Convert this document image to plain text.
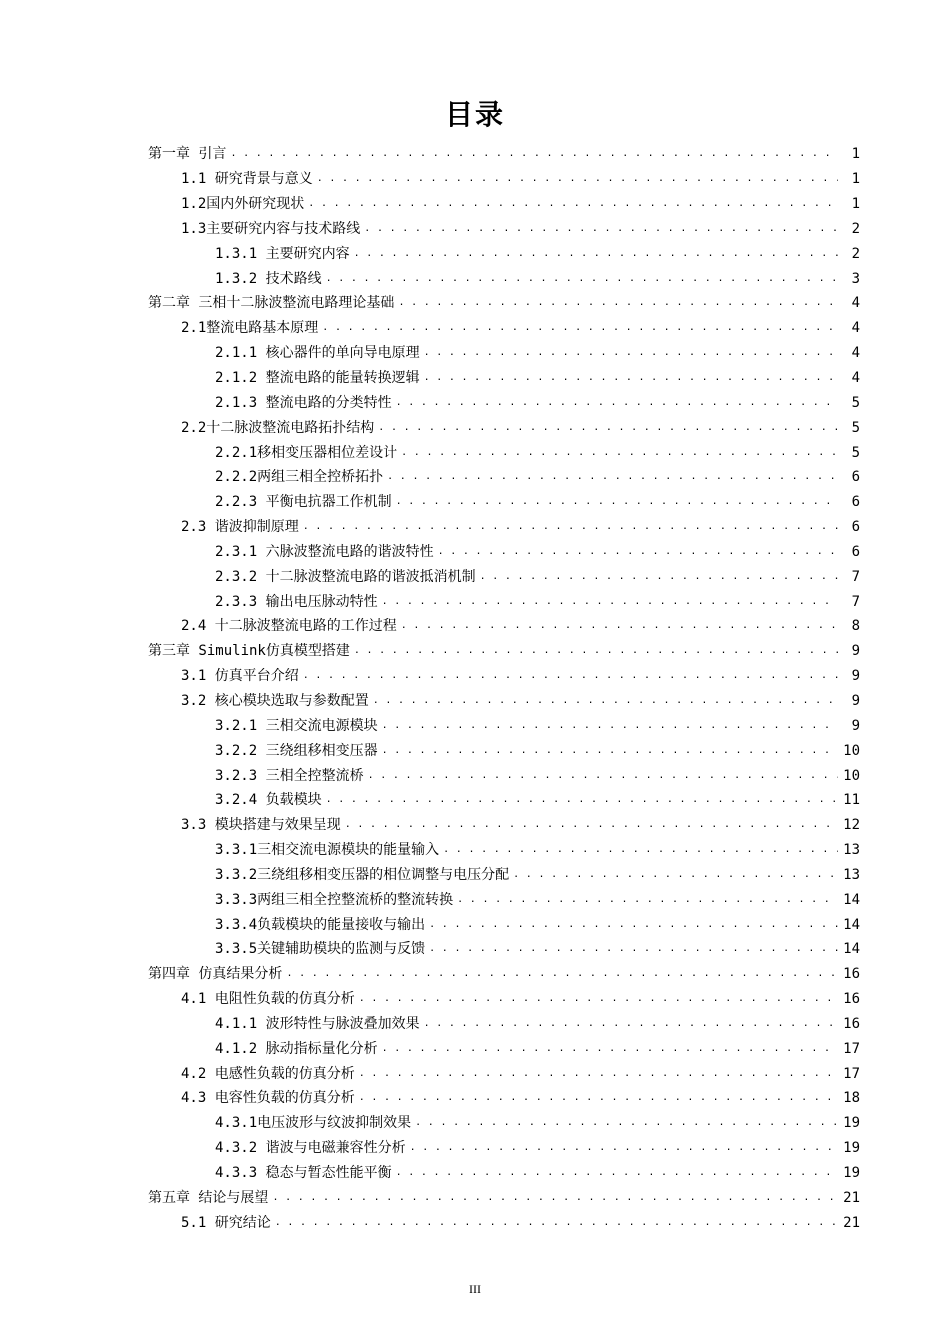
目录
第一章 引言 . . .	1
1.1 研究背景与意义 . . .	1
1.2国内外研究现状 . . .	1
1.3主要研究内容与技术路线 . . .	2
1.3.1 主要研究内容 . . .	2
1.3.2 技术路线 . . .	3
第二章 三相十二脉波整流电路理论基础 . . .	4
2.1整流电路基本原理 . . .	4
2.1.1 核心器件的单向导电原理 . . .	4
2.1.2 整流电路的能量转换逻辑 . . .	4
2.1.3 整流电路的分类特性 . . .	5
2.2十二脉波整流电路拓扑结构 . . .	5
2.2.1移相变压器相位差设计 . . .	5
2.2.2两组三相全控桥拓扑 . . .	6
2.2.3 平衡电抗器工作机制 . . .	6
2.3 谐波抑制原理 . . .	6
2.3.1 六脉波整流电路的谐波特性 . . .	6
2.3.2 十二脉波整流电路的谐波抵消机制 . . .	7
2.3.3 输出电压脉动特性 . . .	7
2.4 十二脉波整流电路的工作过程 . . .	8
第三章 Simulink仿真模型搭建 . . .	9
3.1 仿真平台介绍 . . .	9
3.2 核心模块选取与参数配置 . . .	9
3.2.1 三相交流电源模块 . . .	9
3.2.2 三绕组移相变压器 . . .	10
3.2.3 三相全控整流桥 . . .	10
3.2.4 负载模块 . . .	11
3.3 模块搭建与效果呈现 . . .	12
3.3.1三相交流电源模块的能量输入 . . .	13
3.3.2三绕组移相变压器的相位调整与电压分配 . . .	13
3.3.3两组三相全控整流桥的整流转换 . . .	14
3.3.4负载模块的能量接收与输出 . . .	14
3.3.5关键辅助模块的监测与反馈 . . .	14
第四章 仿真结果分析 . . .	16
4.1 电阻性负载的仿真分析 . . .	16
4.1.1 波形特性与脉波叠加效果 . . .	16
4.1.2 脉动指标量化分析 . . .	17
4.2 电感性负载的仿真分析 . . .	17
4.3 电容性负载的仿真分析 . . .	18
4.3.1电压波形与纹波抑制效果 . . .	19
4.3.2 谐波与电磁兼容性分析 . . .	19
4.3.3 稳态与暂态性能平衡 . . .	19
第五章 结论与展望 . . .	21
5.1 研究结论 . . .	21
III
